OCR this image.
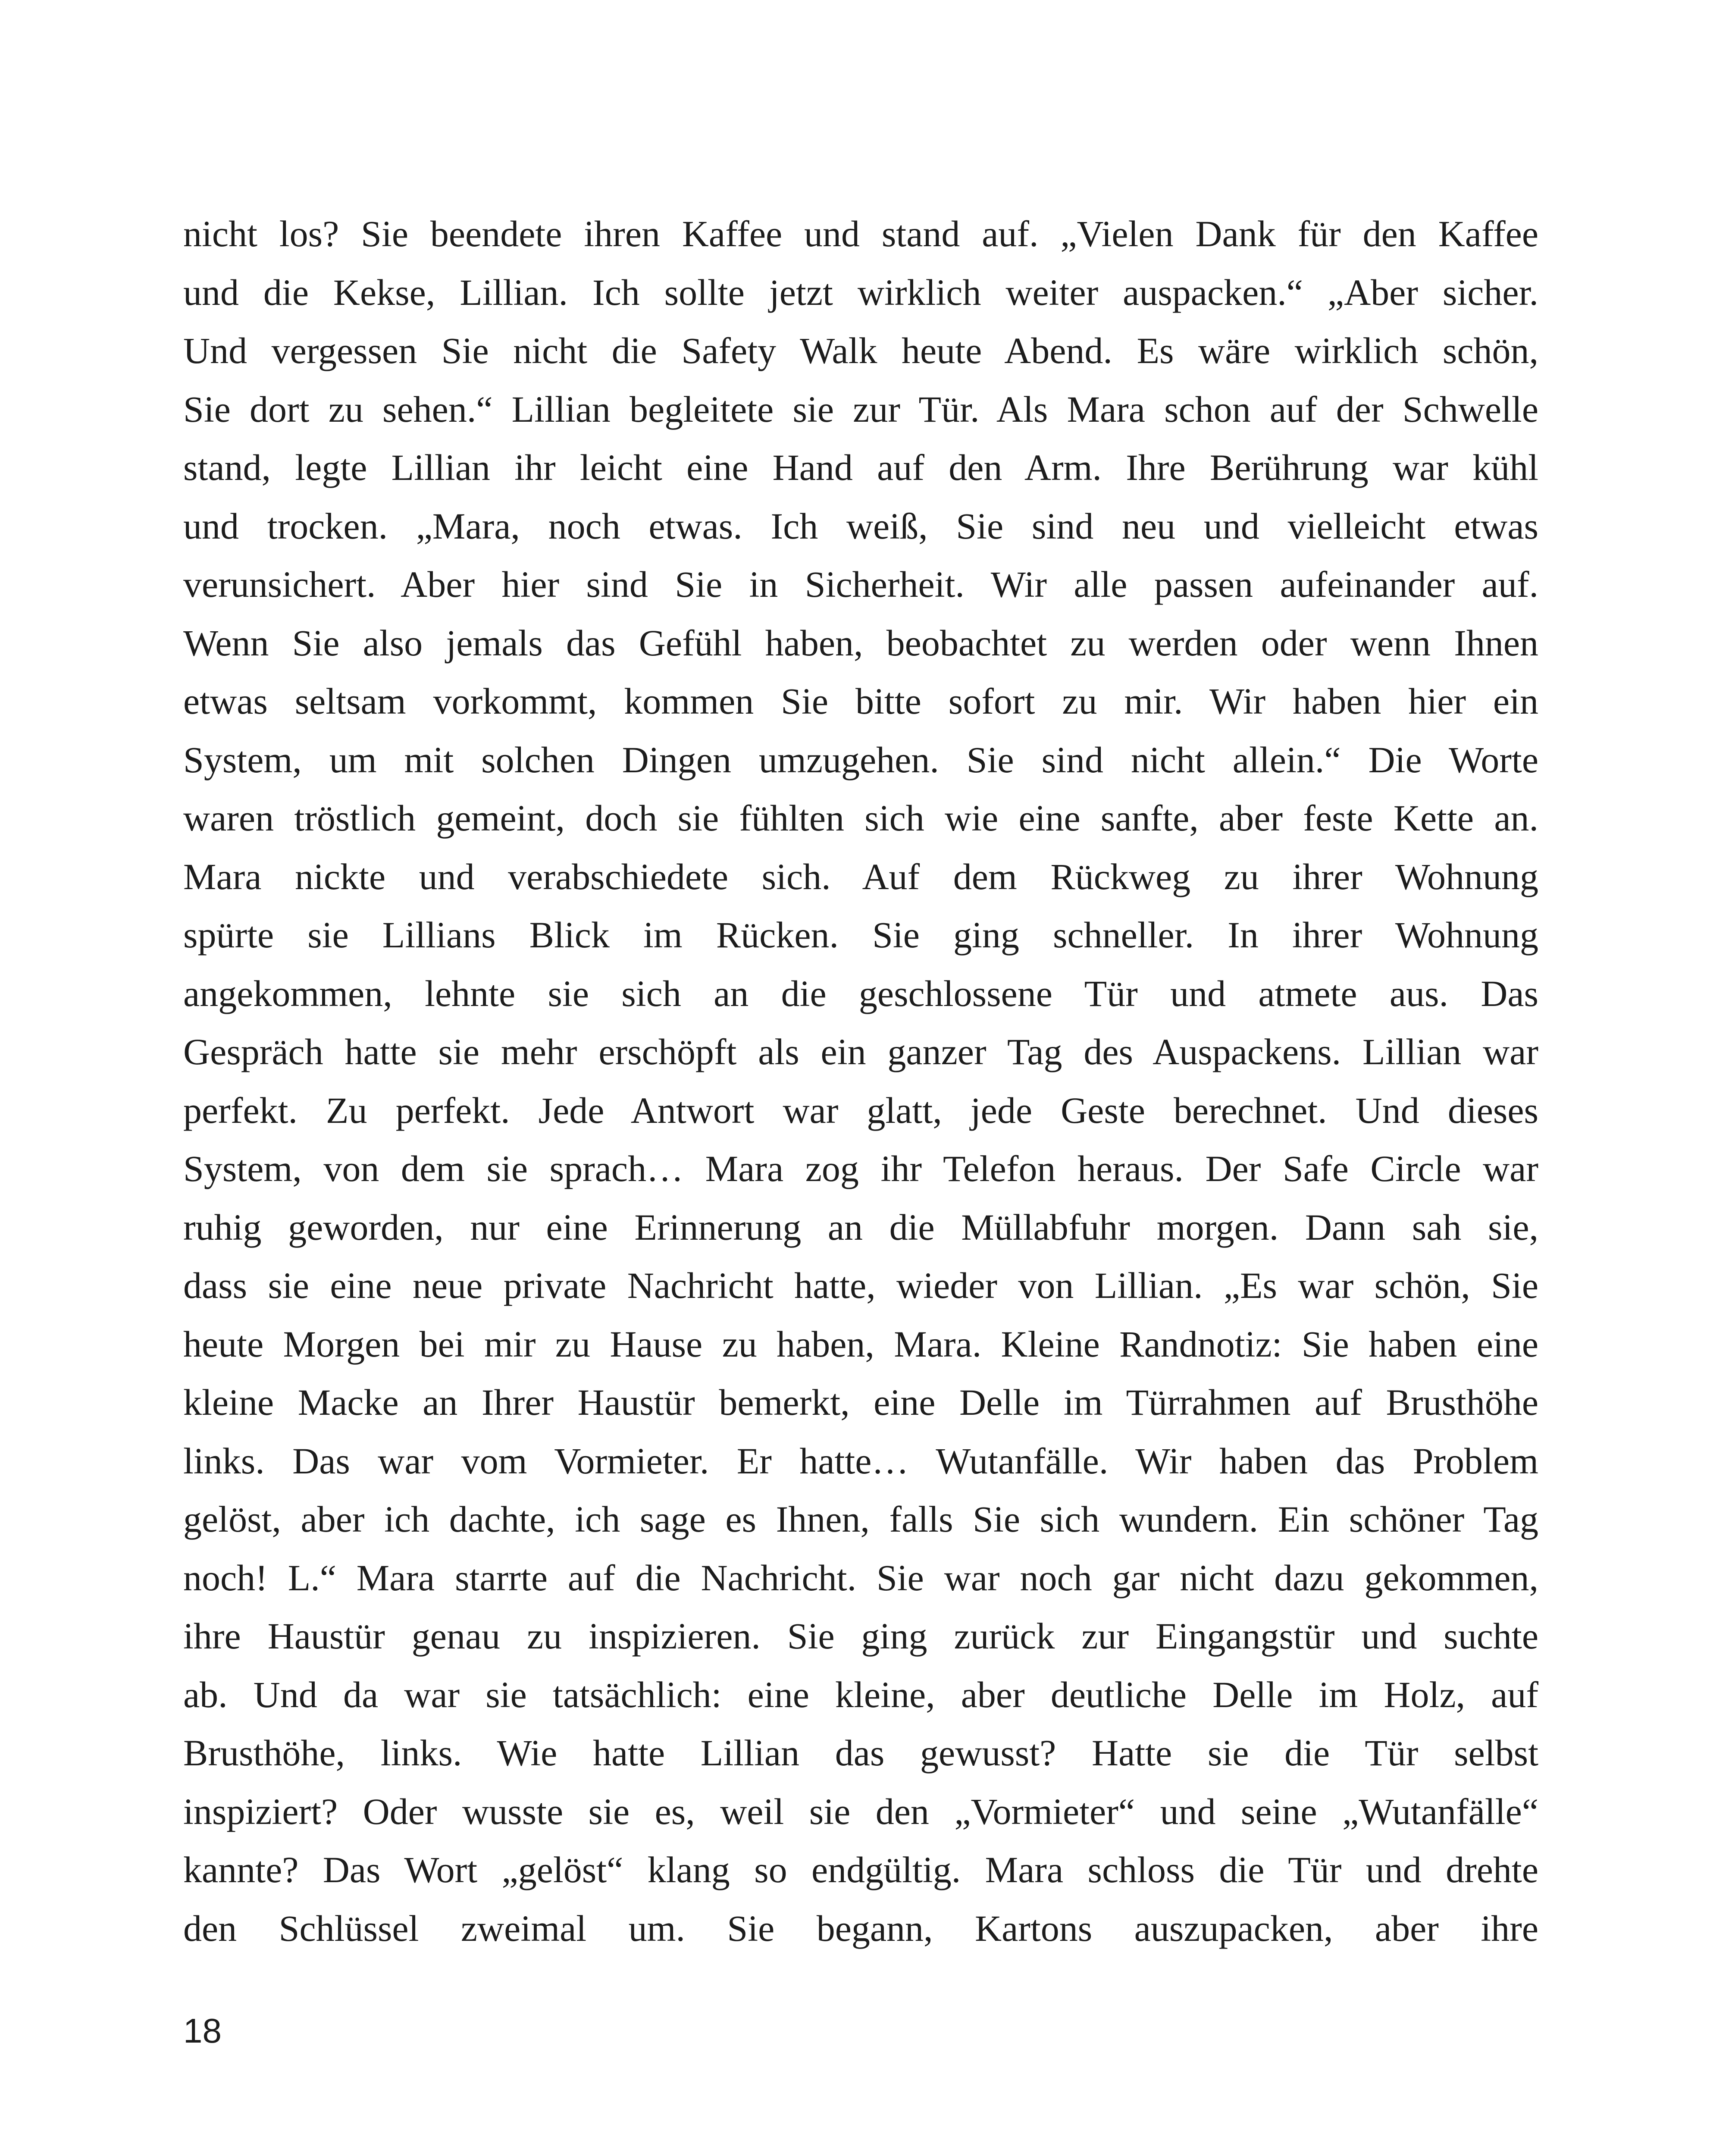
nicht los? Sie beendete ihren Kaffee und stand auf. „Vielen Dank für den Kaffee
und die Kekse, Lillian. Ich sollte jetzt wirklich weiter auspacken.“ „Aber sicher.
Und vergessen Sie nicht die Safety Walk heute Abend. Es wäre wirklich schön,
Sie dort zu sehen.“ Lillian begleitete sie zur Tür. Als Mara schon auf der Schwelle
stand, legte Lillian ihr leicht eine Hand auf den Arm. Ihre Berührung war kühl
und trocken. „Mara, noch etwas. Ich weiß, Sie sind neu und vielleicht etwas
verunsichert. Aber hier sind Sie in Sicherheit. Wir alle passen aufeinander auf.
Wenn Sie also jemals das Gefühl haben, beobachtet zu werden oder wenn Ihnen
etwas seltsam vorkommt, kommen Sie bitte sofort zu mir. Wir haben hier ein
System, um mit solchen Dingen umzugehen. Sie sind nicht allein.“ Die Worte
waren tröstlich gemeint, doch sie fühlten sich wie eine sanfte, aber feste Kette an.
Mara nickte und verabschiedete sich. Auf dem Rückweg zu ihrer Wohnung
spürte sie Lillians Blick im Rücken. Sie ging schneller. In ihrer Wohnung
angekommen, lehnte sie sich an die geschlossene Tür und atmete aus. Das
Gespräch hatte sie mehr erschöpft als ein ganzer Tag des Auspackens. Lillian war
perfekt. Zu perfekt. Jede Antwort war glatt, jede Geste berechnet. Und dieses
System, von dem sie sprach… Mara zog ihr Telefon heraus. Der Safe Circle war
ruhig geworden, nur eine Erinnerung an die Müllabfuhr morgen. Dann sah sie,
dass sie eine neue private Nachricht hatte, wieder von Lillian. „Es war schön, Sie
heute Morgen bei mir zu Hause zu haben, Mara. Kleine Randnotiz: Sie haben eine
kleine Macke an Ihrer Haustür bemerkt, eine Delle im Türrahmen auf Brusthöhe
links. Das war vom Vormieter. Er hatte… Wutanfälle. Wir haben das Problem
gelöst, aber ich dachte, ich sage es Ihnen, falls Sie sich wundern. Ein schöner Tag
noch! L.“ Mara starrte auf die Nachricht. Sie war noch gar nicht dazu gekommen,
ihre Haustür genau zu inspizieren. Sie ging zurück zur Eingangstür und suchte
ab. Und da war sie tatsächlich: eine kleine, aber deutliche Delle im Holz, auf
Brusthöhe, links. Wie hatte Lillian das gewusst? Hatte sie die Tür selbst
inspiziert? Oder wusste sie es, weil sie den „Vormieter“ und seine „Wutanfälle“
kannte? Das Wort „gelöst“ klang so endgültig. Mara schloss die Tür und drehte
den Schlüssel zweimal um. Sie begann, Kartons auszupacken, aber ihre
18
